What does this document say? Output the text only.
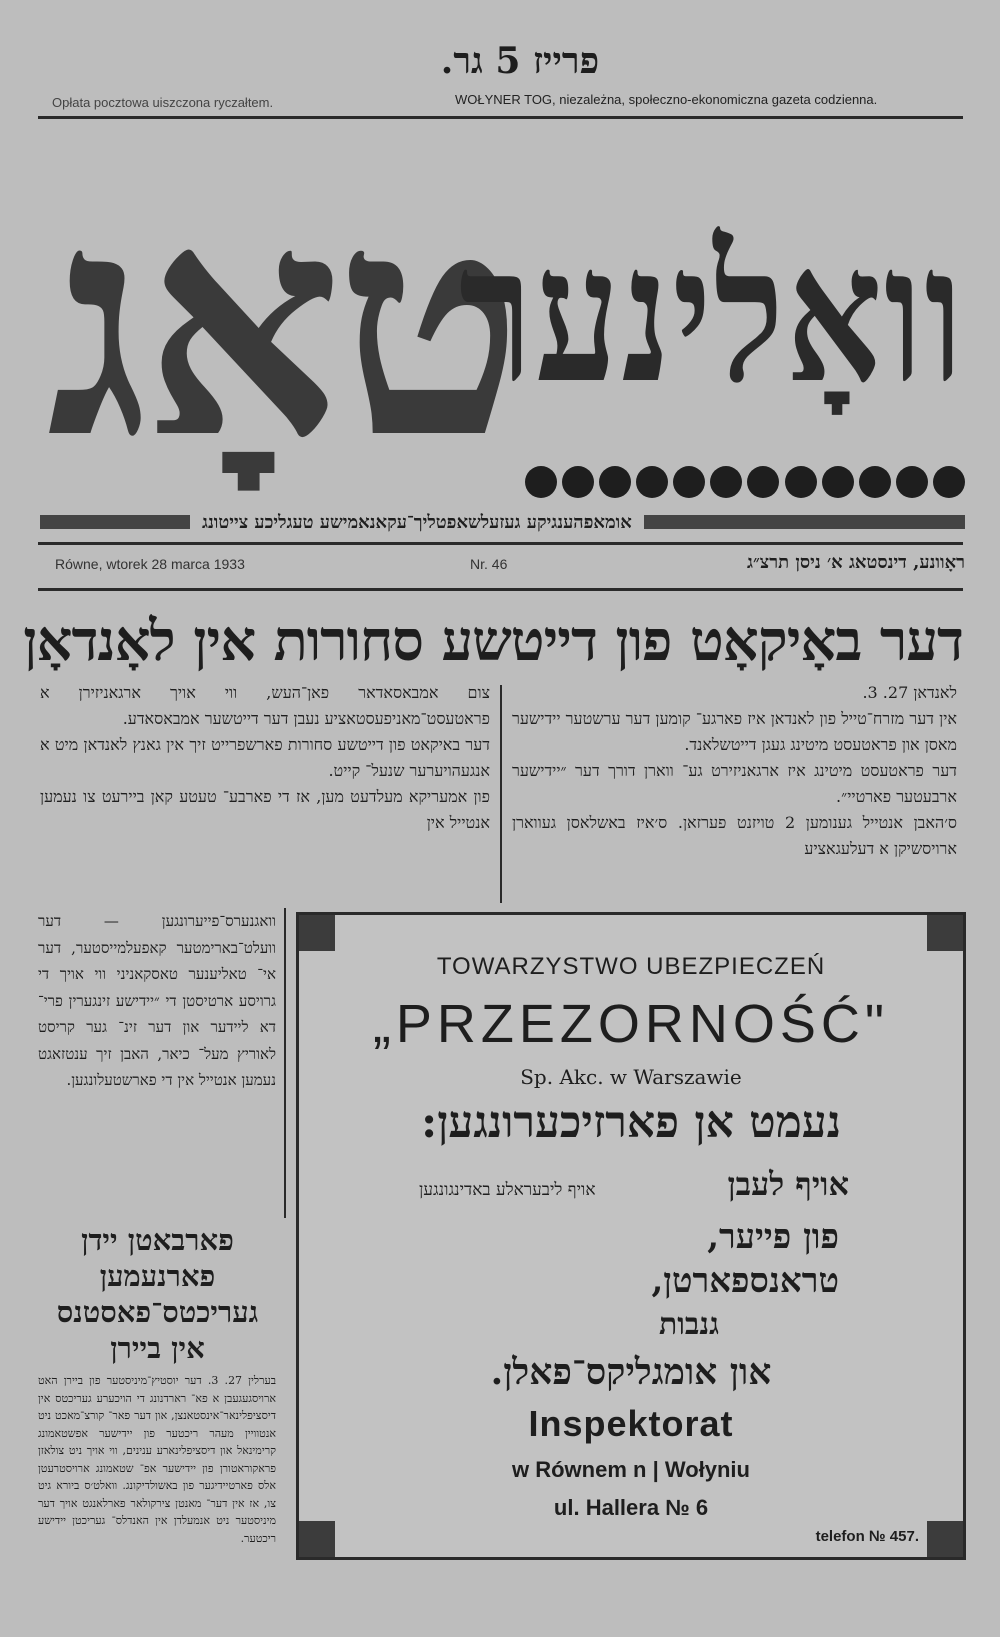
פרייז 5 גר.
Opłata pocztowa uiszczona ryczałtem.	WOŁYNER TOG, niezależna, społeczno-ekonomiczna gazeta codzienna.
טאָג
וואָלינער
אומאפהענגיקע געזעלשאפטליך־עקאנאמישע טעגליכע צייטונג
Równe, wtorek 28 marca 1933	Nr. 46	ראָוונע, דינסטאג א׳ ניסן תרצ״ג
דער באָיקאָט פון דייטשע סחורות אין לאָנדאָן

לאנדאן 27. 3.

אין דער מזרח־טייל פון לאנדאן איז פארגע־ קומען דער ערשטער יידישער מאסן און פראטעסט מיטינג געגן דייטשלאנד.

דער פראטעסט מיטינג איז ארגאניזירט גע־ ווארן דורך דער ״יידישער ארבעטער פארטיי״.

ס׳האבן אנטייל גענומען 2 טויזנט פערזאן. ס׳איז באשלאסן געווארן ארויסשיקן א דעלעגאציע

צום אמבאסאדאר פאן־העש, ווי אויך ארגאניזירן א פראטעסט־מאניפעסטאציע נעבן דער דייטשער אמבאסאדע.

דער באיקאט פון דייטשע סחורות פארשפרייט זיך אין גאנץ לאנדאן מיט א אנגעהויערער שנעל־ קייט.

פון אמעריקא מעלדעט מען, אז די פארבע־ טעטע קאן ביירעט צו נעמען אנטייל אין

וואגנערס־פייערונגען — דער וועלט־בארימטער קאפעלמייסטער, דער אי־ טאליענער טאסקאניני ווי אויך די גרויסע ארטיסטן די ״יידישע זינגערין פרי־ דא ליידער און דער זינ־ גער קריסט לאוריץ מעל־ כיאר, האבן זיך ענטזאגט נעמען אנטייל אין די פארשטעלונגען.
פארבאטן יידן פארנעמען געריכטס־פאסטנס אין ביירן
בערלין 27. 3. דער יוסטיץ־מיניסטער פון ביירן האט ארויסגעגעבן א פא־ רארדנונג די הויכערע געריכטס אין דיסציפלינאר־אינסטאנצן, און דער פאר־ קורצ־מאכט ניט אנטוויין מעהר ריכטער פון יידישער אפשטאמונג קרימינאל און דיסציפלינארע ענינים, ווי אויך ניט צולאזן פראקוראטורן פון יידישער אפ־ שטאמונג ארויסטרעטן אלס פארטיידיגער פון באשולדיקונג. וואלט׳ס ביורא גיט צו, אז אין דער־ מאנטן צירקולאר פארלאנגט אויך דער מיניסטער ניט אנמעלדן אין האנדלס־ געריכטן יידישע ריכטער.
TOWARZYSTWO UBEZPIECZEŃ
„PRZEZORNOŚĆ"
Sp. Akc. w Warszawie
נעמט אן פארזיכערונגען:
אויף לעבן
אויף ליבעראלע באדינגונגען
פון פייער,
טראנספארטן,
גנבות
און אומגליקס־פאלן.
Inspektorat
w Równem n | Wołyniu
ul. Hallera № 6
telefon № 457.
